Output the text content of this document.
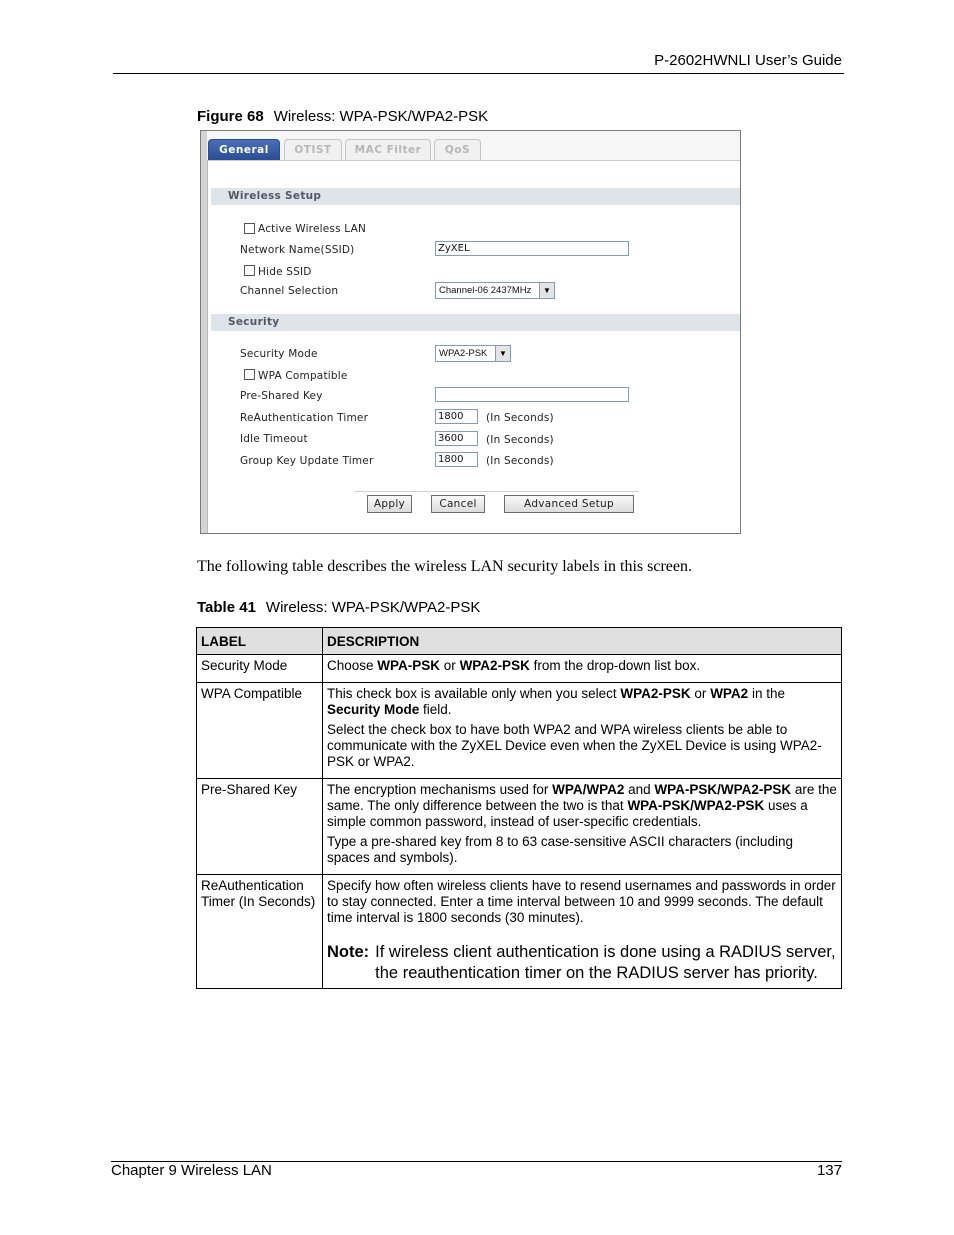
P-2602HWNLI User’s Guide
Figure 68 Wireless: WPA-PSK/WPA2-PSK
General	OTIST	MAC Filter	QoS
Wireless Setup
Active Wireless LAN
Network Name(SSID)	ZyXEL
Hide SSID
Channel Selection	Channel-06 2437MHz	▼
Security
Security Mode	WPA2-PSK	▼
WPA Compatible
Pre-Shared Key
ReAuthentication Timer	1800	(In Seconds)
Idle Timeout	3600	(In Seconds)
Group Key Update Timer	1800	(In Seconds)
Apply	Cancel	Advanced Setup
The following table describes the wireless LAN security labels in this screen.
Table 41 Wireless: WPA-PSK/WPA2-PSK
LABEL	DESCRIPTION
Security Mode	Choose WPA-PSK or WPA2-PSK from the drop-down list box.

WPA Compatible	This check box is available only when you select WPA2-PSK or WPA2 in the Security Mode field.

Select the check box to have both WPA2 and WPA wireless clients be able to communicate with the ZyXEL Device even when the ZyXEL Device is using WPA2-PSK or WPA2.

Pre-Shared Key	The encryption mechanisms used for WPA/WPA2 and WPA-PSK/WPA2-PSK are the same. The only difference between the two is that WPA-PSK/WPA2-PSK uses a simple common password, instead of user-specific credentials.

Type a pre-shared key from 8 to 63 case-sensitive ASCII characters (including spaces and symbols).

ReAuthentication Timer (In Seconds)	Specify how often wireless clients have to resend usernames and passwords in order to stay connected. Enter a time interval between 10 and 9999 seconds. The default time interval is 1800 seconds (30 minutes).

Note: If wireless client authentication is done using a RADIUS server, the reauthentication timer on the RADIUS server has priority.
Chapter 9 Wireless LAN	137
